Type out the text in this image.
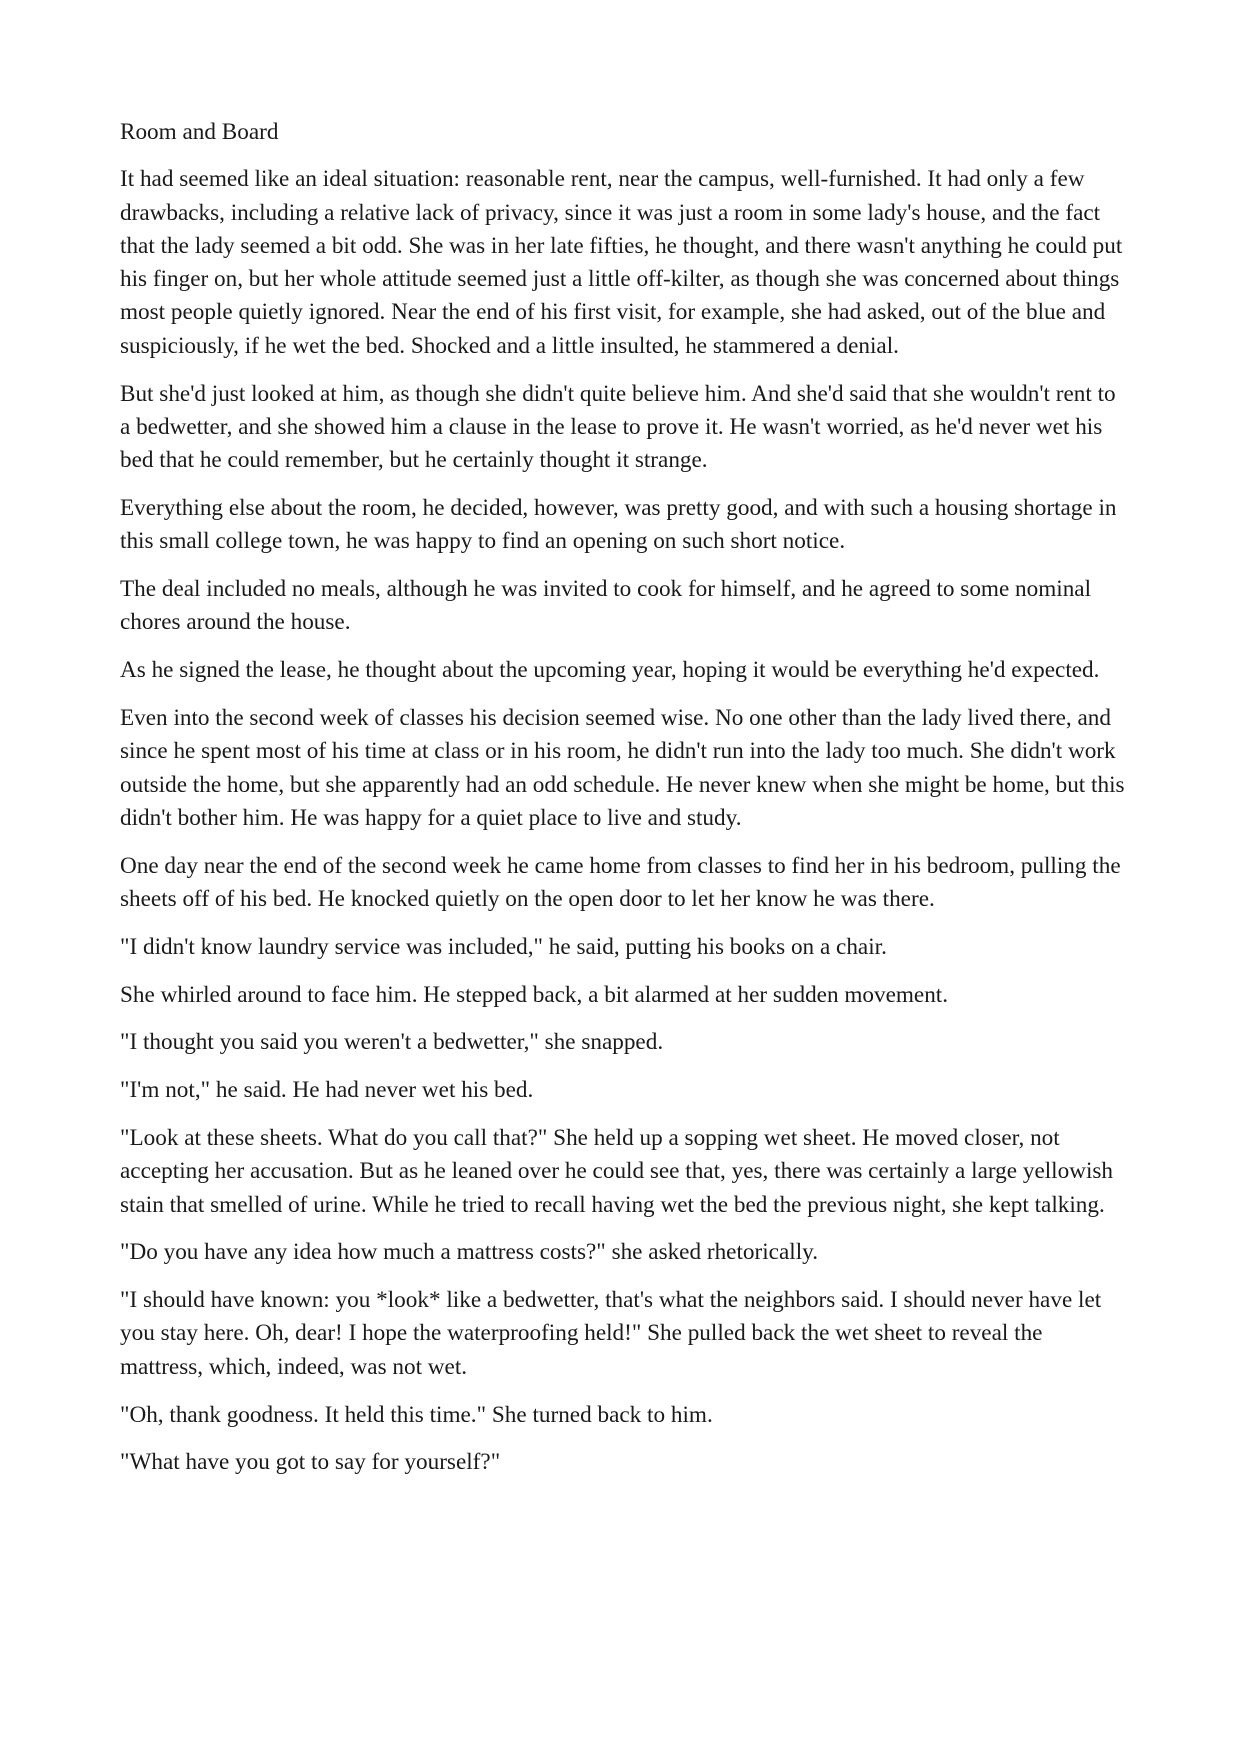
Room and Board

It had seemed like an ideal situation: reasonable rent, near the campus, well-furnished. It had only a few drawbacks, including a relative lack of privacy, since it was just a room in some lady's house, and the fact that the lady seemed a bit odd. She was in her late fifties, he thought, and there wasn't anything he could put his finger on, but her whole attitude seemed just a little off-kilter, as though she was concerned about things most people quietly ignored. Near the end of his first visit, for example, she had asked, out of the blue and suspiciously, if he wet the bed. Shocked and a little insulted, he stammered a denial.

But she'd just looked at him, as though she didn't quite believe him. And she'd said that she wouldn't rent to a bedwetter, and she showed him a clause in the lease to prove it. He wasn't worried, as he'd never wet his bed that he could remember, but he certainly thought it strange.

Everything else about the room, he decided, however, was pretty good, and with such a housing shortage in this small college town, he was happy to find an opening on such short notice.

The deal included no meals, although he was invited to cook for himself, and he agreed to some nominal chores around the house.

As he signed the lease, he thought about the upcoming year, hoping it would be everything he'd expected.

Even into the second week of classes his decision seemed wise. No one other than the lady lived there, and since he spent most of his time at class or in his room, he didn't run into the lady too much. She didn't work outside the home, but she apparently had an odd schedule. He never knew when she might be home, but this didn't bother him. He was happy for a quiet place to live and study.

One day near the end of the second week he came home from classes to find her in his bedroom, pulling the sheets off of his bed. He knocked quietly on the open door to let her know he was there.

"I didn't know laundry service was included," he said, putting his books on a chair.

She whirled around to face him. He stepped back, a bit alarmed at her sudden movement.

"I thought you said you weren't a bedwetter," she snapped.

"I'm not," he said. He had never wet his bed.

"Look at these sheets. What do you call that?" She held up a sopping wet sheet. He moved closer, not accepting her accusation. But as he leaned over he could see that, yes, there was certainly a large yellowish stain that smelled of urine. While he tried to recall having wet the bed the previous night, she kept talking.

"Do you have any idea how much a mattress costs?" she asked rhetorically.

"I should have known: you *look* like a bedwetter, that's what the neighbors said. I should never have let you stay here. Oh, dear! I hope the waterproofing held!" She pulled back the wet sheet to reveal the mattress, which, indeed, was not wet.

"Oh, thank goodness. It held this time." She turned back to him.

"What have you got to say for yourself?"
